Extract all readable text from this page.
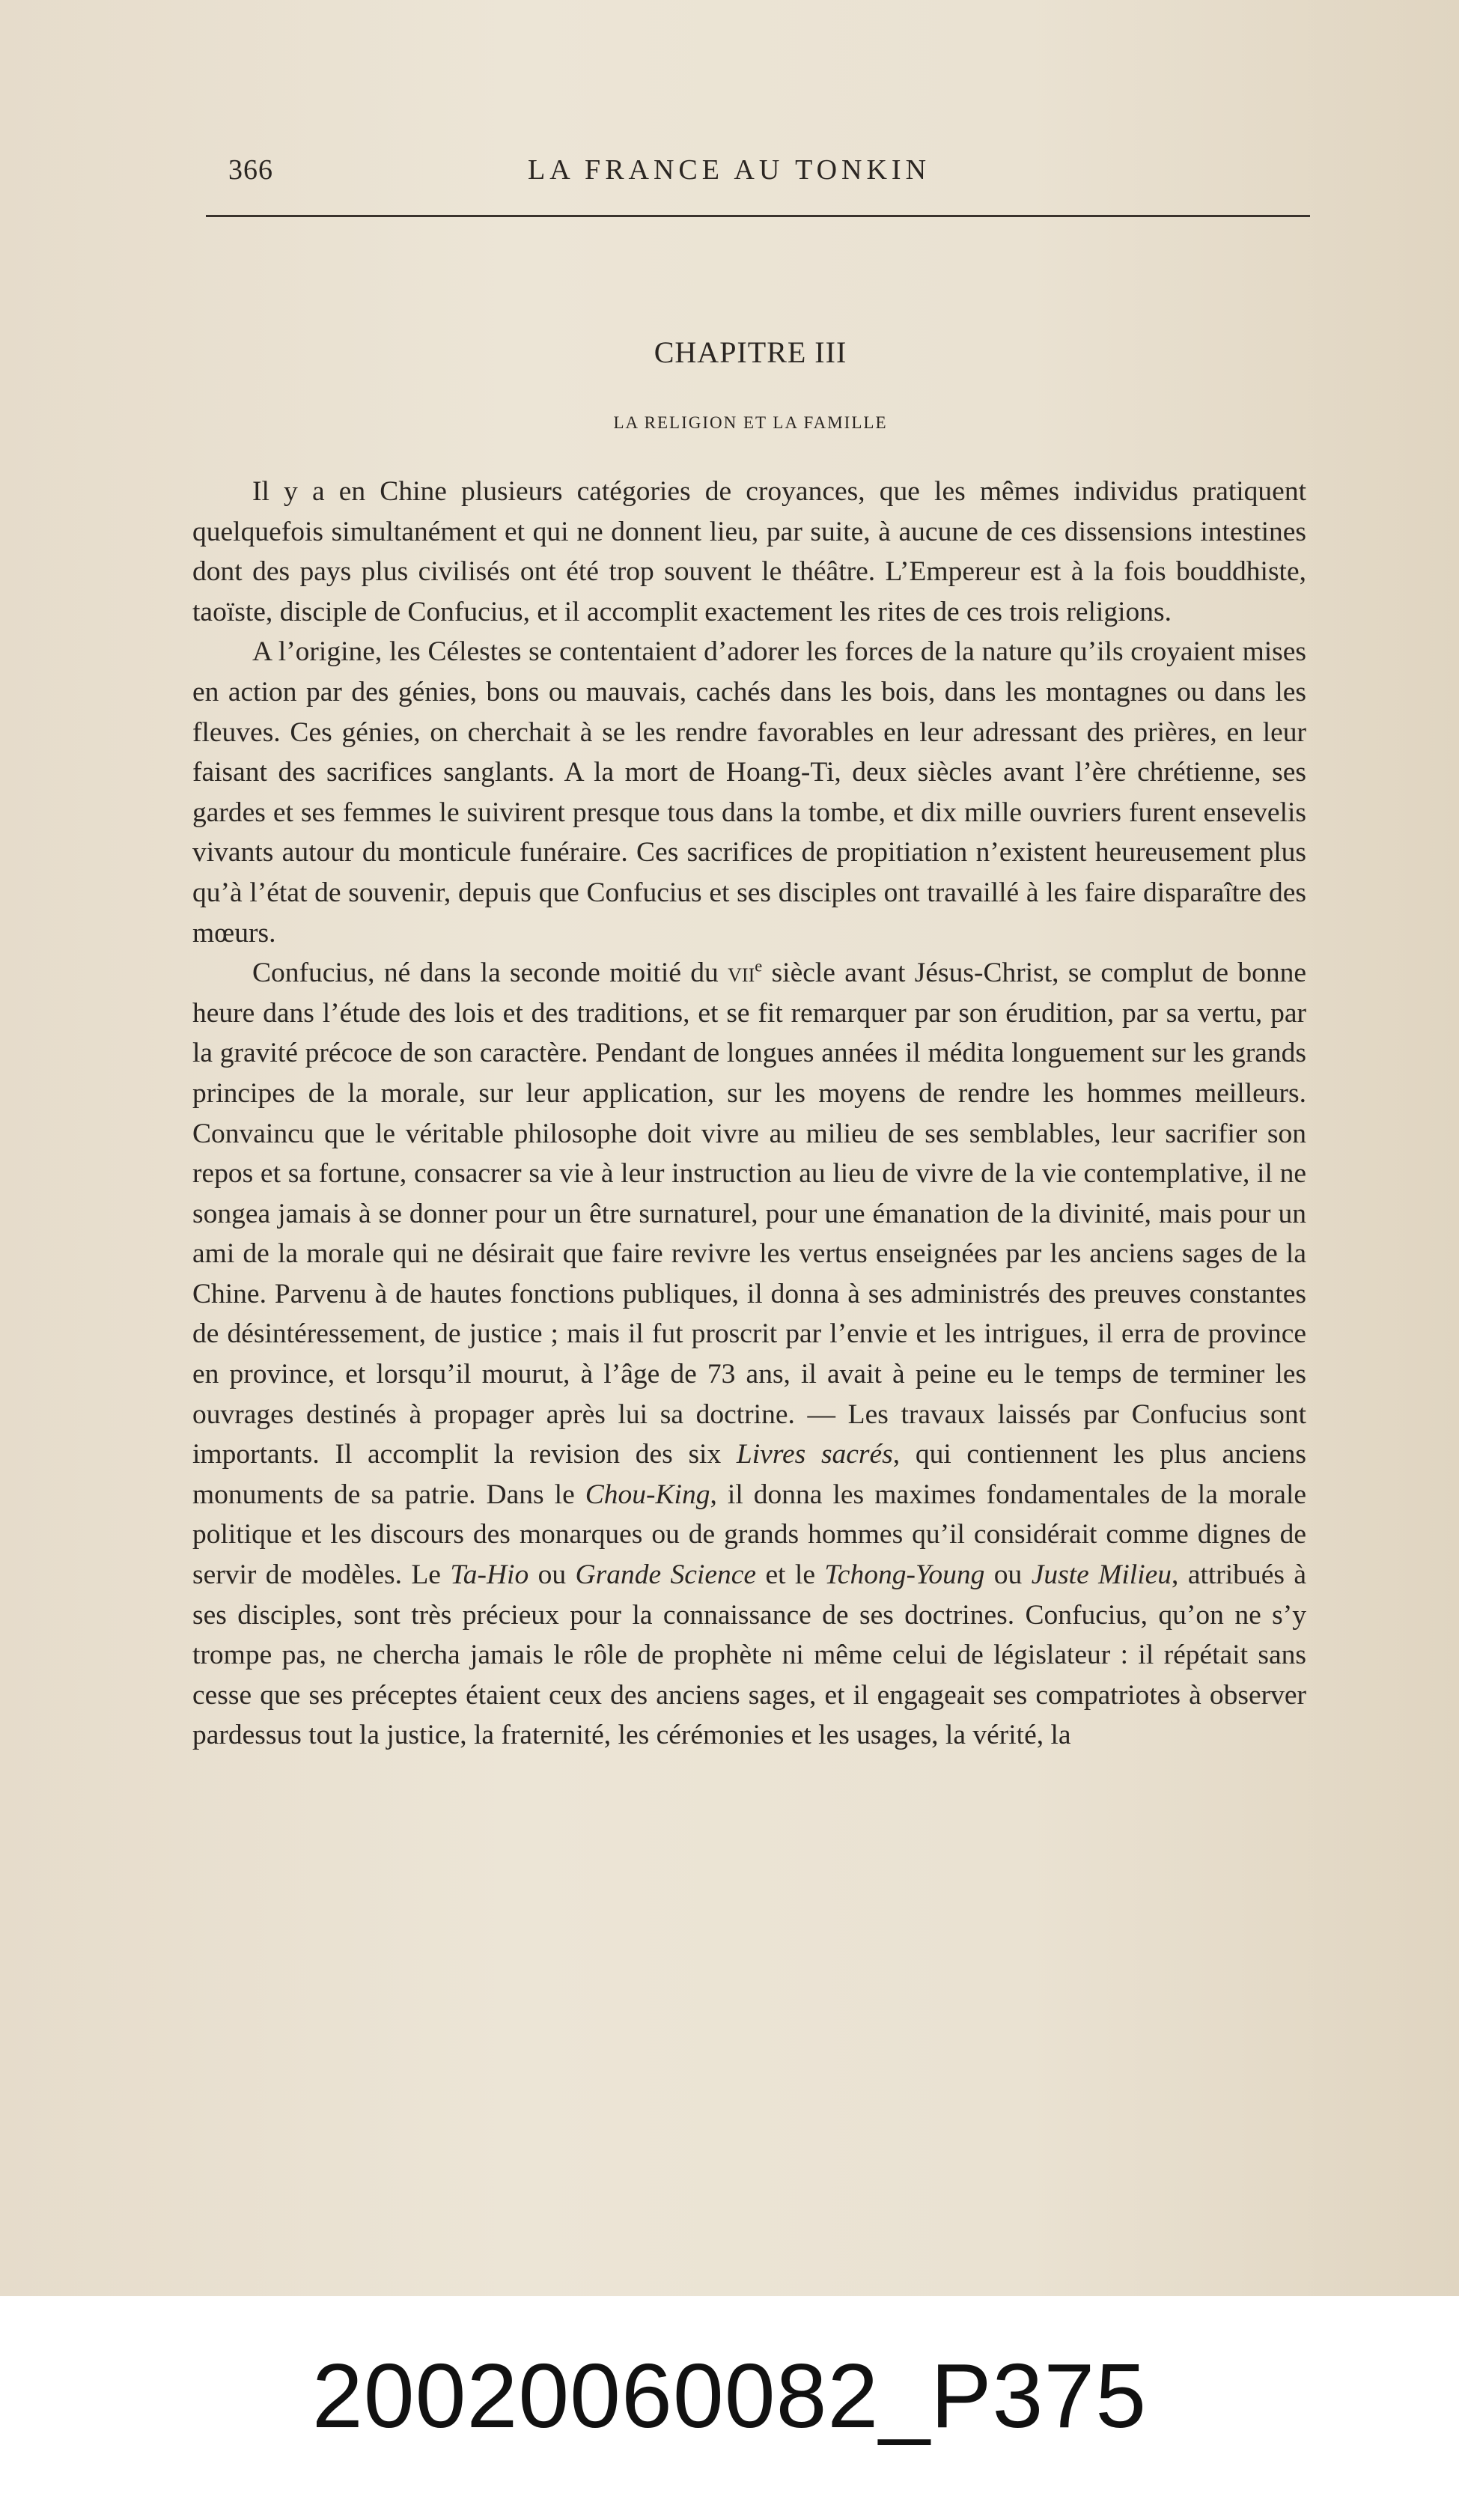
366	LA FRANCE AU TONKIN
CHAPITRE III
LA RELIGION ET LA FAMILLE

Il y a en Chine plusieurs catégories de croyances, que les mêmes individus pratiquent quelquefois simultanément et qui ne donnent lieu, par suite, à aucune de ces dissensions intestines dont des pays plus civilisés ont été trop souvent le théâtre. L’Empereur est à la fois bouddhiste, taoïste, disciple de Confucius, et il accomplit exactement les rites de ces trois religions.

A l’origine, les Célestes se contentaient d’adorer les forces de la nature qu’ils croyaient mises en action par des génies, bons ou mauvais, cachés dans les bois, dans les montagnes ou dans les fleuves. Ces génies, on cherchait à se les rendre favorables en leur adressant des prières, en leur faisant des sacrifices sanglants. A la mort de Hoang-Ti, deux siècles avant l’ère chrétienne, ses gardes et ses femmes le suivirent presque tous dans la tombe, et dix mille ouvriers furent ensevelis vivants autour du monticule funéraire. Ces sacrifices de propitiation n’existent heureusement plus qu’à l’état de souvenir, depuis que Confucius et ses disciples ont travaillé à les faire disparaître des mœurs.

Confucius, né dans la seconde moitié du vii$^e$ siècle avant Jésus-Christ, se complut de bonne heure dans l’étude des lois et des traditions, et se fit remarquer par son érudition, par sa vertu, par la gravité précoce de son caractère. Pendant de longues années il médita longuement sur les grands principes de la morale, sur leur application, sur les moyens de rendre les hommes meilleurs. Convaincu que le véritable philosophe doit vivre au milieu de ses semblables, leur sacrifier son repos et sa fortune, consacrer sa vie à leur instruction au lieu de vivre de la vie contemplative, il ne songea jamais à se donner pour un être surnaturel, pour une émanation de la divinité, mais pour un ami de la morale qui ne désirait que faire revivre les vertus enseignées par les anciens sages de la Chine. Parvenu à de hautes fonctions publiques, il donna à ses administrés des preuves constantes de désintéressement, de justice ; mais il fut proscrit par l’envie et les intrigues, il erra de province en province, et lorsqu’il mourut, à l’âge de 73 ans, il avait à peine eu le temps de terminer les ouvrages destinés à propager après lui sa doctrine. — Les travaux laissés par Confucius sont importants. Il accomplit la revision des six Livres sacrés, qui contiennent les plus anciens monuments de sa patrie. Dans le Chou-King, il donna les maximes fondamentales de la morale politique et les discours des monarques ou de grands hommes qu’il considérait comme dignes de servir de modèles. Le Ta-Hio ou Grande Science et le Tchong-Young ou Juste Milieu, attribués à ses disciples, sont très précieux pour la connaissance de ses doctrines. Confucius, qu’on ne s’y trompe pas, ne chercha jamais le rôle de prophète ni même celui de législateur : il répétait sans cesse que ses préceptes étaient ceux des anciens sages, et il engageait ses compatriotes à observer pardessus tout la justice, la fraternité, les cérémonies et les usages, la vérité, la

20020060082_P375
